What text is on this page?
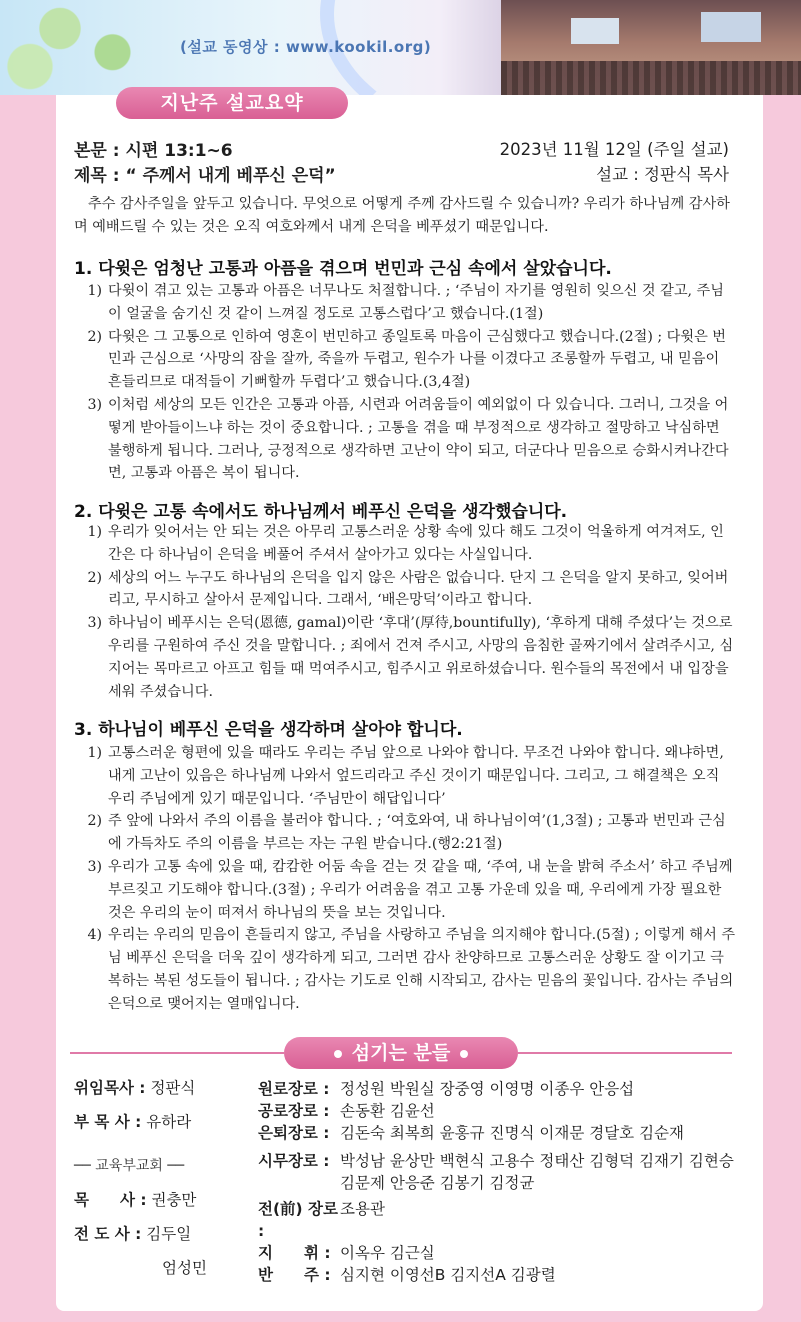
(설교 동영상 : www.kookil.org)
지난주 설교요약
본문 : 시편 13:1∼6	2023년 11월 12일 (주일 설교)
제목 : “ 주께서 내게 베푸신 은덕”	설교 : 정판식 목사
추수 감사주일을 앞두고 있습니다. 무엇으로 어떻게 주께 감사드릴 수 있습니까? 우리가 하나님께 감사하며 예배드릴 수 있는 것은 오직 여호와께서 내게 은덕을 베푸셨기 때문입니다.
1. 다윗은 엄청난 고통과 아픔을 겪으며 번민과 근심 속에서 살았습니다.
1) 다윗이 겪고 있는 고통과 아픔은 너무나도 처절합니다. ; ‘주님이 자기를 영원히 잊으신 것 같고, 주님이 얼굴을 숨기신 것 같이 느껴질 정도로 고통스럽다’고 했습니다.(1절)
2) 다윗은 그 고통으로 인하여 영혼이 번민하고 종일토록 마음이 근심했다고 했습니다.(2절) ; 다윗은 번민과 근심으로 ‘사망의 잠을 잘까, 죽을까 두렵고, 원수가 나를 이겼다고 조롱할까 두렵고, 내 믿음이 흔들리므로 대적들이 기뻐할까 두렵다’고 했습니다.(3,4절)
3) 이처럼 세상의 모든 인간은 고통과 아픔, 시련과 어려움들이 예외없이 다 있습니다. 그러니, 그것을 어떻게 받아들이느냐 하는 것이 중요합니다. ; 고통을 겪을 때 부정적으로 생각하고 절망하고 낙심하면 불행하게 됩니다. 그러나, 긍정적으로 생각하면 고난이 약이 되고, 더군다나 믿음으로 승화시켜나간다면, 고통과 아픔은 복이 됩니다.
2. 다윗은 고통 속에서도 하나님께서 베푸신 은덕을 생각했습니다.
1) 우리가 잊어서는 안 되는 것은 아무리 고통스러운 상황 속에 있다 해도 그것이 억울하게 여겨져도, 인간은 다 하나님이 은덕을 베풀어 주셔서 살아가고 있다는 사실입니다.
2) 세상의 어느 누구도 하나님의 은덕을 입지 않은 사람은 없습니다. 단지 그 은덕을 알지 못하고, 잊어버리고, 무시하고 살아서 문제입니다. 그래서, ‘배은망덕’이라고 합니다.
3) 하나님이 베푸시는 은덕(恩德, gamal)이란 ‘후대’(厚待,bountifully), ‘후하게 대해 주셨다’는 것으로 우리를 구원하여 주신 것을 말합니다. ; 죄에서 건져 주시고, 사망의 음침한 골짜기에서 살려주시고, 심지어는 목마르고 아프고 힘들 때 먹여주시고, 힘주시고 위로하셨습니다. 원수들의 목전에서 내 입장을 세워 주셨습니다.
3. 하나님이 베푸신 은덕을 생각하며 살아야 합니다.
1) 고통스러운 형편에 있을 때라도 우리는 주님 앞으로 나와야 합니다. 무조건 나와야 합니다. 왜냐하면, 내게 고난이 있음은 하나님께 나와서 엎드리라고 주신 것이기 때문입니다. 그리고, 그 해결책은 오직 우리 주님에게 있기 때문입니다. ‘주님만이 해답입니다’
2) 주 앞에 나와서 주의 이름을 불러야 합니다. ; ‘여호와여, 내 하나님이여’(1,3절) ; 고통과 번민과 근심에 가득차도 주의 이름을 부르는 자는 구원 받습니다.(행2:21절)
3) 우리가 고통 속에 있을 때, 캄캄한 어둠 속을 걷는 것 같을 때, ‘주여, 내 눈을 밝혀 주소서’ 하고 주님께 부르짖고 기도해야 합니다.(3절) ; 우리가 어려움을 겪고 고통 가운데 있을 때, 우리에게 가장 필요한 것은 우리의 눈이 떠져서 하나님의 뜻을 보는 것입니다.
4) 우리는 우리의 믿음이 흔들리지 않고, 주님을 사랑하고 주님을 의지해야 합니다.(5절) ; 이렇게 해서 주님 베푸신 은덕을 더욱 깊이 생각하게 되고, 그러면 감사 찬양하므로 고통스러운 상황도 잘 이기고 극복하는 복된 성도들이 됩니다. ; 감사는 기도로 인해 시작되고, 감사는 믿음의 꽃입니다. 감사는 주님의 은덕으로 맺어지는 열매입니다.
섬기는 분들
위임목사 : 정판식
부 목 사 : 유하라
── 교육부교회 ──
목　　사 : 권충만
전 도 사 : 김두일
엄성민
원로장로 : 정성원 박원실 장중영 이영명 이종우 안응섭
공로장로 : 손동환 김윤선
은퇴장로 : 김돈숙 최복희 윤홍규 진명식 이재문 경달호 김순재
시무장로 : 박성남 윤상만 백현식 고용수 정태산 김형덕 김재기 김현승 김문제 안응준 김봉기 김정균
전(前) 장로 :
조용관
지　　휘 : 이옥우 김근실
반　　주 : 심지현 이영선B 김지선A 김광렬
